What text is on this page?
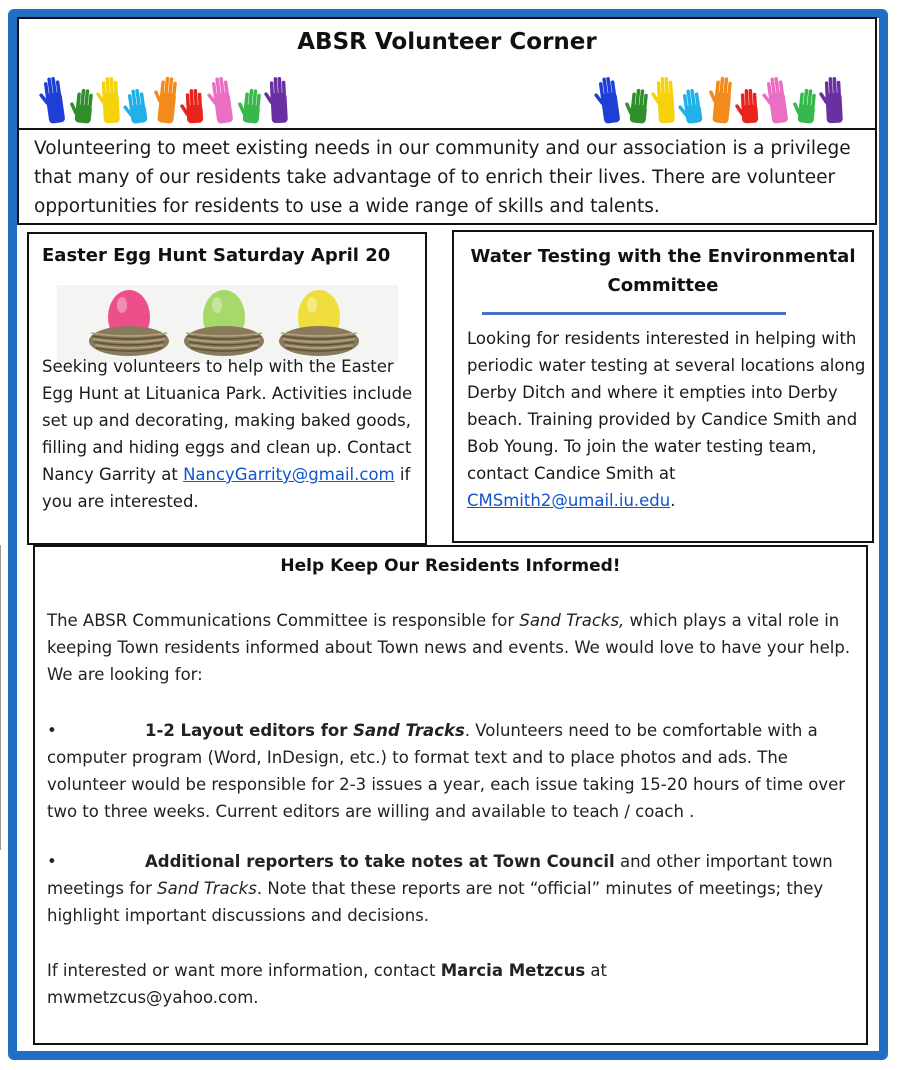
ABSR Volunteer Corner
Volunteering to meet existing needs in our community and our association is a privilege that many of our residents take advantage of to enrich their lives. There are volunteer opportunities for residents to use a wide range of skills and talents.
Easter Egg Hunt Saturday April 20
Seeking volunteers to help with the Easter Egg Hunt at Lituanica Park. Activities include set up and decorating, making baked goods, filling and hiding eggs and clean up. Contact Nancy Garrity at NancyGarrity@gmail.com if you are interested.
Water Testing with the Environmental Committee
Looking for residents interested in helping with periodic water testing at several locations along Derby Ditch and where it empties into Derby beach. Training provided by Candice Smith and Bob Young. To join the water testing team, contact Candice Smith at CMSmith2@umail.iu.edu.
Help Keep Our Residents Informed!
The ABSR Communications Committee is responsible for Sand Tracks, which plays a vital role in keeping Town residents informed about Town news and events. We would love to have your help. We are looking for:
•	1-2 Layout editors for Sand Tracks. Volunteers need to be comfortable with a computer program (Word, InDesign, etc.) to format text and to place photos and ads. The volunteer would be responsible for 2-3 issues a year, each issue taking 15-20 hours of time over two to three weeks. Current editors are willing and available to teach / coach .
•	Additional reporters to take notes at Town Council and other important town meetings for Sand Tracks. Note that these reports are not “official” minutes of meetings; they highlight important discussions and decisions.
If interested or want more information, contact Marcia Metzcus at
mwmetzcus@yahoo.com.
